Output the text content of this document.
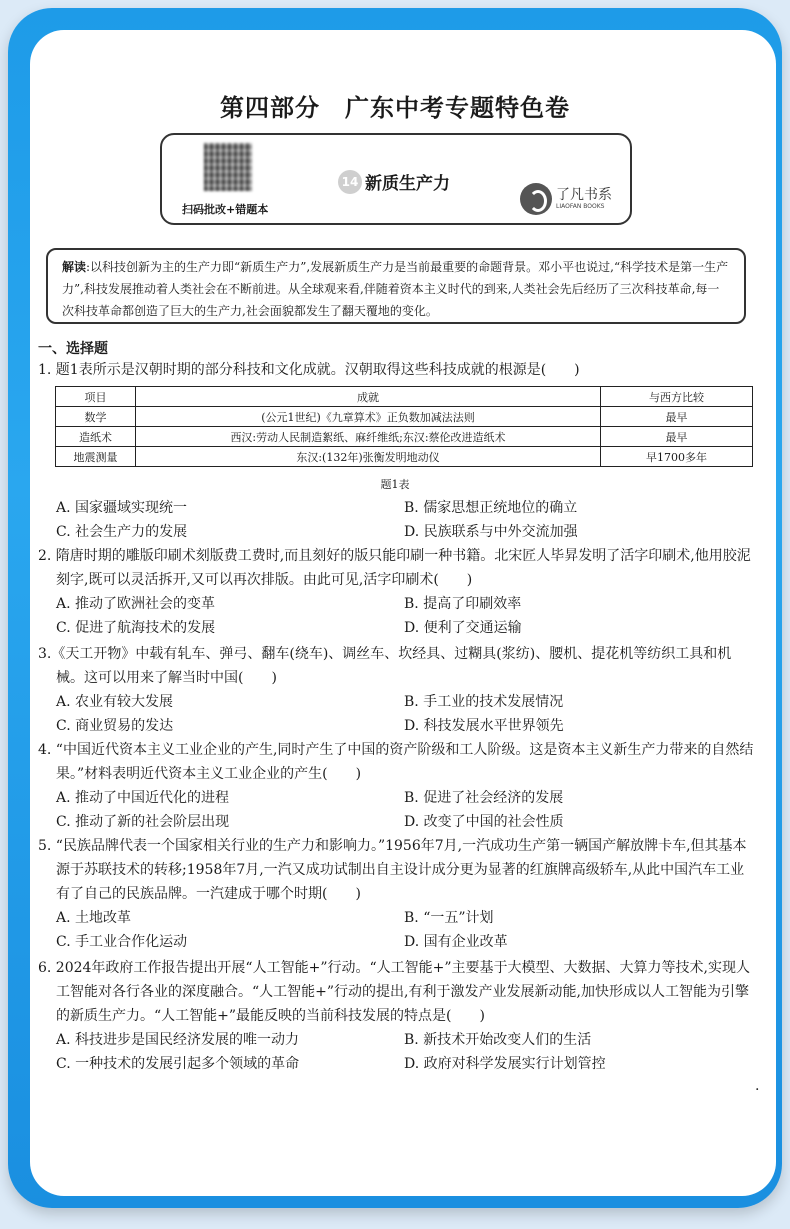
第四部分　广东中考专题特色卷
扫码批改+错题本
14 新质生产力
了凡书系
LIAOFAN BOOKS
解读:以科技创新为主的生产力即“新质生产力”,发展新质生产力是当前最重要的命题背景。邓小平也说过,“科学技术是第一生产力”,科技发展推动着人类社会在不断前进。从全球观来看,伴随着资本主义时代的到来,人类社会先后经历了三次科技革命,每一次科技革命都创造了巨大的生产力,社会面貌都发生了翻天覆地的变化。
一、选择题
1. 题1表所示是汉朝时期的部分科技和文化成就。汉朝取得这些科技成就的根源是(　　)
项目	成就	与西方比较
数学	(公元1世纪)《九章算术》正负数加减法法则	最早
造纸术	西汉:劳动人民制造絮纸、麻纤维纸;东汉:蔡伦改进造纸术	最早
地震测量	东汉:(132年)张衡发明地动仪	早1700多年
题1表
A. 国家疆域实现统一	B. 儒家思想正统地位的确立
C. 社会生产力的发展	D. 民族联系与中外交流加强
2. 隋唐时期的雕版印刷术刻版费工费时,而且刻好的版只能印刷一种书籍。北宋匠人毕昇发明了活字印刷术,他用胶泥刻字,既可以灵活拆开,又可以再次排版。由此可见,活字印刷术(　　)
A. 推动了欧洲社会的变革	B. 提高了印刷效率
C. 促进了航海技术的发展	D. 便利了交通运输
3.《天工开物》中载有轧车、弹弓、翻车(绕车)、调丝车、坎经具、过糊具(浆纺)、腰机、提花机等纺织工具和机械。这可以用来了解当时中国(　　)
A. 农业有较大发展	B. 手工业的技术发展情况
C. 商业贸易的发达	D. 科技发展水平世界领先
4. “中国近代资本主义工业企业的产生,同时产生了中国的资产阶级和工人阶级。这是资本主义新生产力带来的自然结果。”材料表明近代资本主义工业企业的产生(　　)
A. 推动了中国近代化的进程	B. 促进了社会经济的发展
C. 推动了新的社会阶层出现	D. 改变了中国的社会性质
5. “民族品牌代表一个国家相关行业的生产力和影响力。”1956年7月,一汽成功生产第一辆国产解放牌卡车,但其基本源于苏联技术的转移;1958年7月,一汽又成功试制出自主设计成分更为显著的红旗牌高级轿车,从此中国汽车工业有了自己的民族品牌。一汽建成于哪个时期(　　)
A. 土地改革	B. “一五”计划
C. 手工业合作化运动	D. 国有企业改革
6. 2024年政府工作报告提出开展“人工智能+”行动。“人工智能+”主要基于大模型、大数据、大算力等技术,实现人工智能对各行各业的深度融合。“人工智能+”行动的提出,有利于激发产业发展新动能,加快形成以人工智能为引擎的新质生产力。“人工智能+”最能反映的当前科技发展的特点是(　　)
A. 科技进步是国民经济发展的唯一动力	B. 新技术开始改变人们的生活
C. 一种技术的发展引起多个领域的革命	D. 政府对科学发展实行计划管控
.
